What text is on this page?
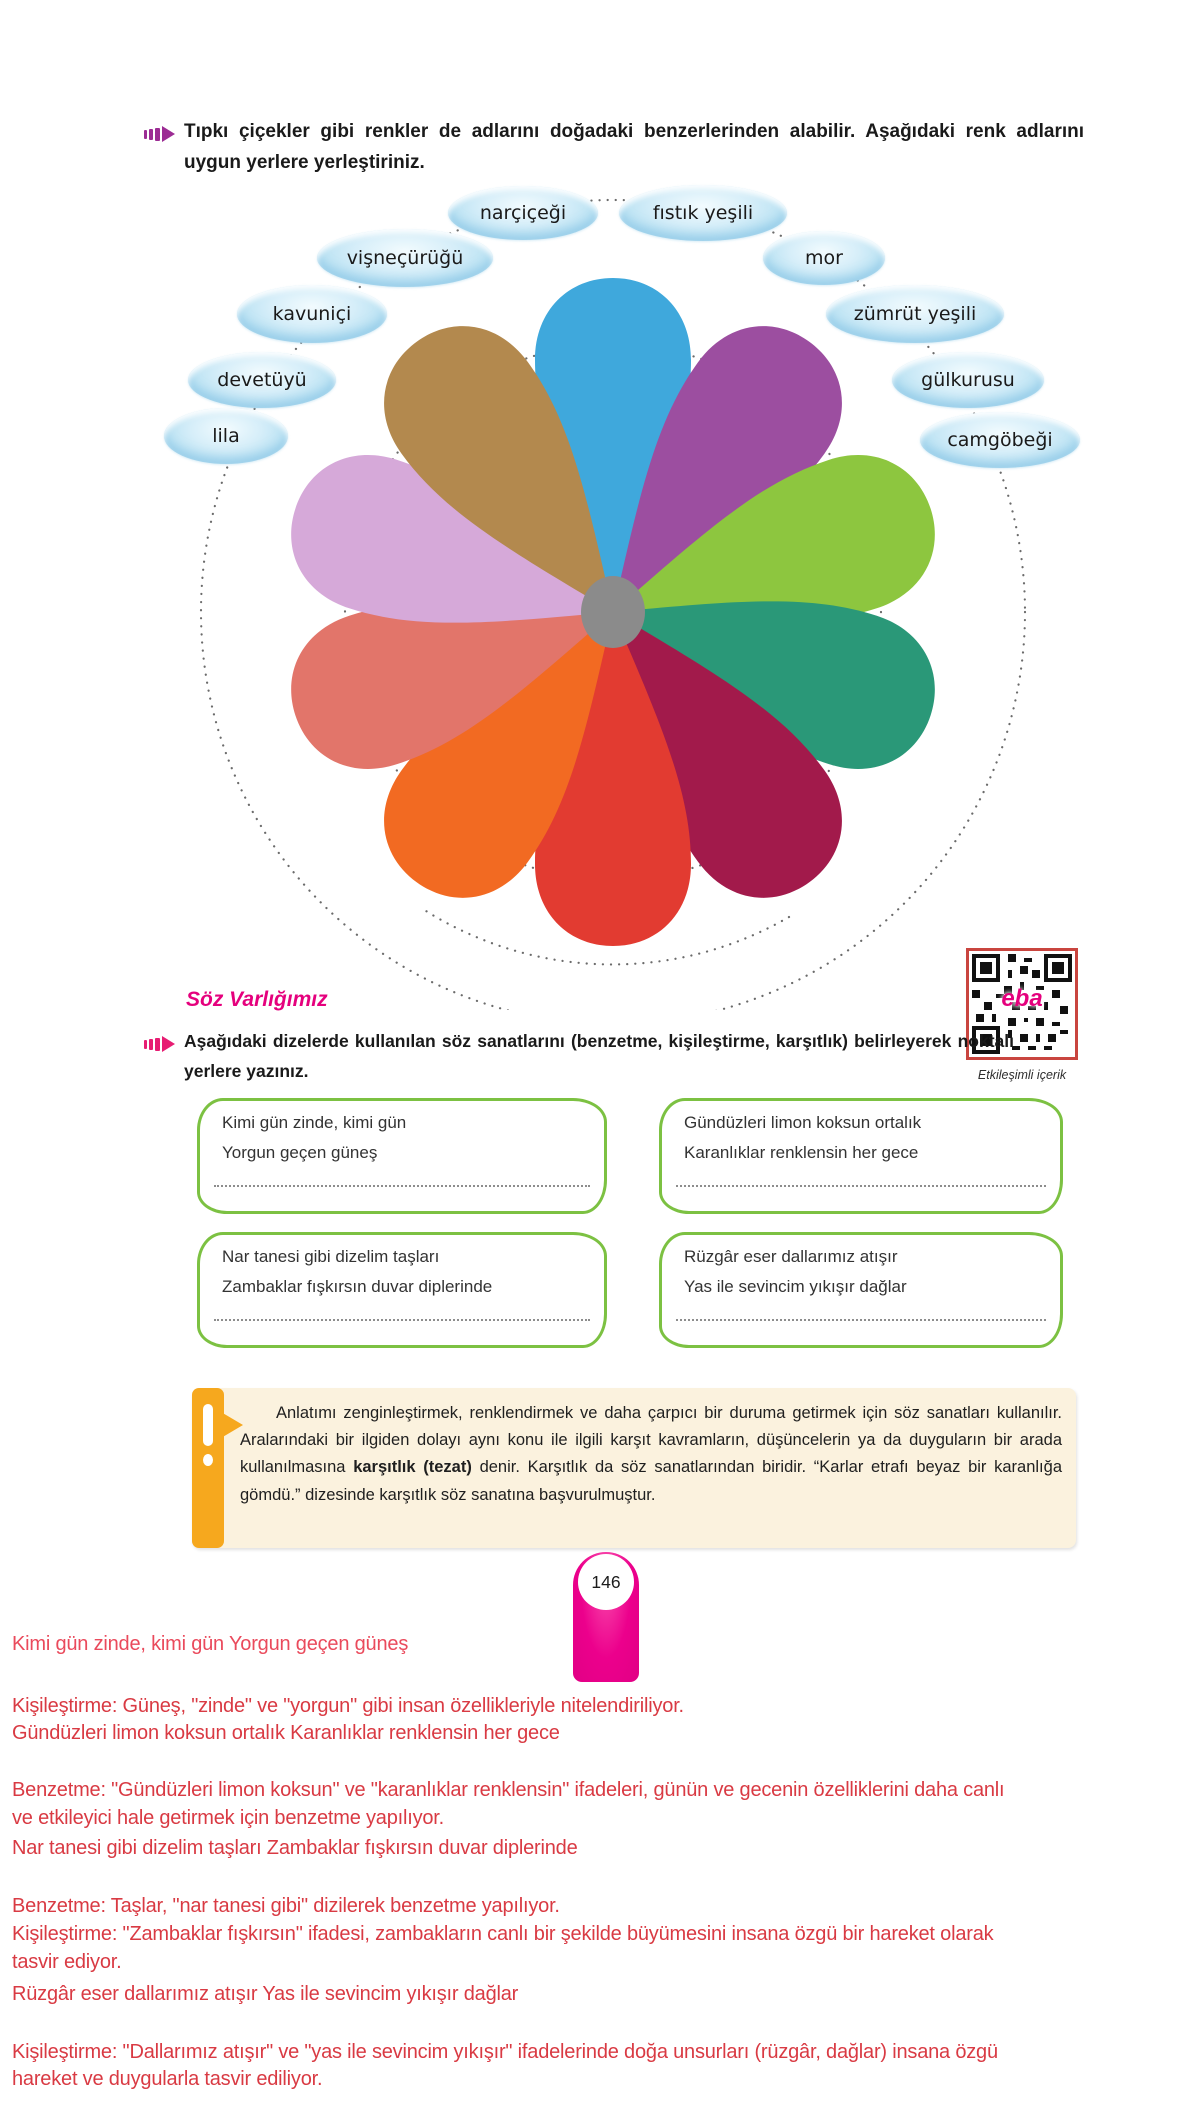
Tıpkı çiçekler gibi renkler de adlarını doğadaki benzerlerinden alabilir. Aşağıdaki renk adlarını uygun yerlere yerleştiriniz.
narçiçeği	fıstık yeşili
vişneçürüğü	mor
kavuniçi	zümrüt yeşili
devetüyü	gülkurusu
lila	camgöbeği
Söz Varlığımız	eba
Etkileşimli içerik
Aşağıdaki dizelerde kullanılan söz sanatlarını (benzetme, kişileştirme, karşıtlık) belirleyerek noktalı yerlere yazınız.
Kimi gün zinde, kimi gün
Yorgun geçen güneş
Gündüzleri limon koksun ortalık
Karanlıklar renklensin her gece
Nar tanesi gibi dizelim taşları
Zambaklar fışkırsın duvar diplerinde
Rüzgâr eser dallarımız atışır
Yas ile sevincim yıkışır dağlar
Anlatımı zenginleştirmek, renklendirmek ve daha çarpıcı bir duruma getirmek için söz sanatları kullanılır. Aralarındaki bir ilgiden dolayı aynı konu ile ilgili karşıt kavramların, düşüncelerin ya da duyguların bir arada kullanılmasına karşıtlık (tezat) denir. Karşıtlık da söz sanatlarından biridir. “Karlar etrafı beyaz bir karanlığa gömdü.” dizesinde karşıtlık söz sanatına başvurulmuştur.
146
Kimi gün zinde, kimi gün Yorgun geçen güneş
Kişileştirme: Güneş, "zinde" ve "yorgun" gibi insan özellikleriyle nitelendiriliyor.
Gündüzleri limon koksun ortalık Karanlıklar renklensin her gece
Benzetme: "Gündüzleri limon koksun" ve "karanlıklar renklensin" ifadeleri, günün ve gecenin özelliklerini daha canlı
ve etkileyici hale getirmek için benzetme yapılıyor.
Nar tanesi gibi dizelim taşları Zambaklar fışkırsın duvar diplerinde
Benzetme: Taşlar, "nar tanesi gibi" dizilerek benzetme yapılıyor.
Kişileştirme: "Zambaklar fışkırsın" ifadesi, zambakların canlı bir şekilde büyümesini insana özgü bir hareket olarak
tasvir ediyor.
Rüzgâr eser dallarımız atışır Yas ile sevincim yıkışır dağlar
Kişileştirme: "Dallarımız atışır" ve "yas ile sevincim yıkışır" ifadelerinde doğa unsurları (rüzgâr, dağlar) insana özgü
hareket ve duygularla tasvir ediliyor.
